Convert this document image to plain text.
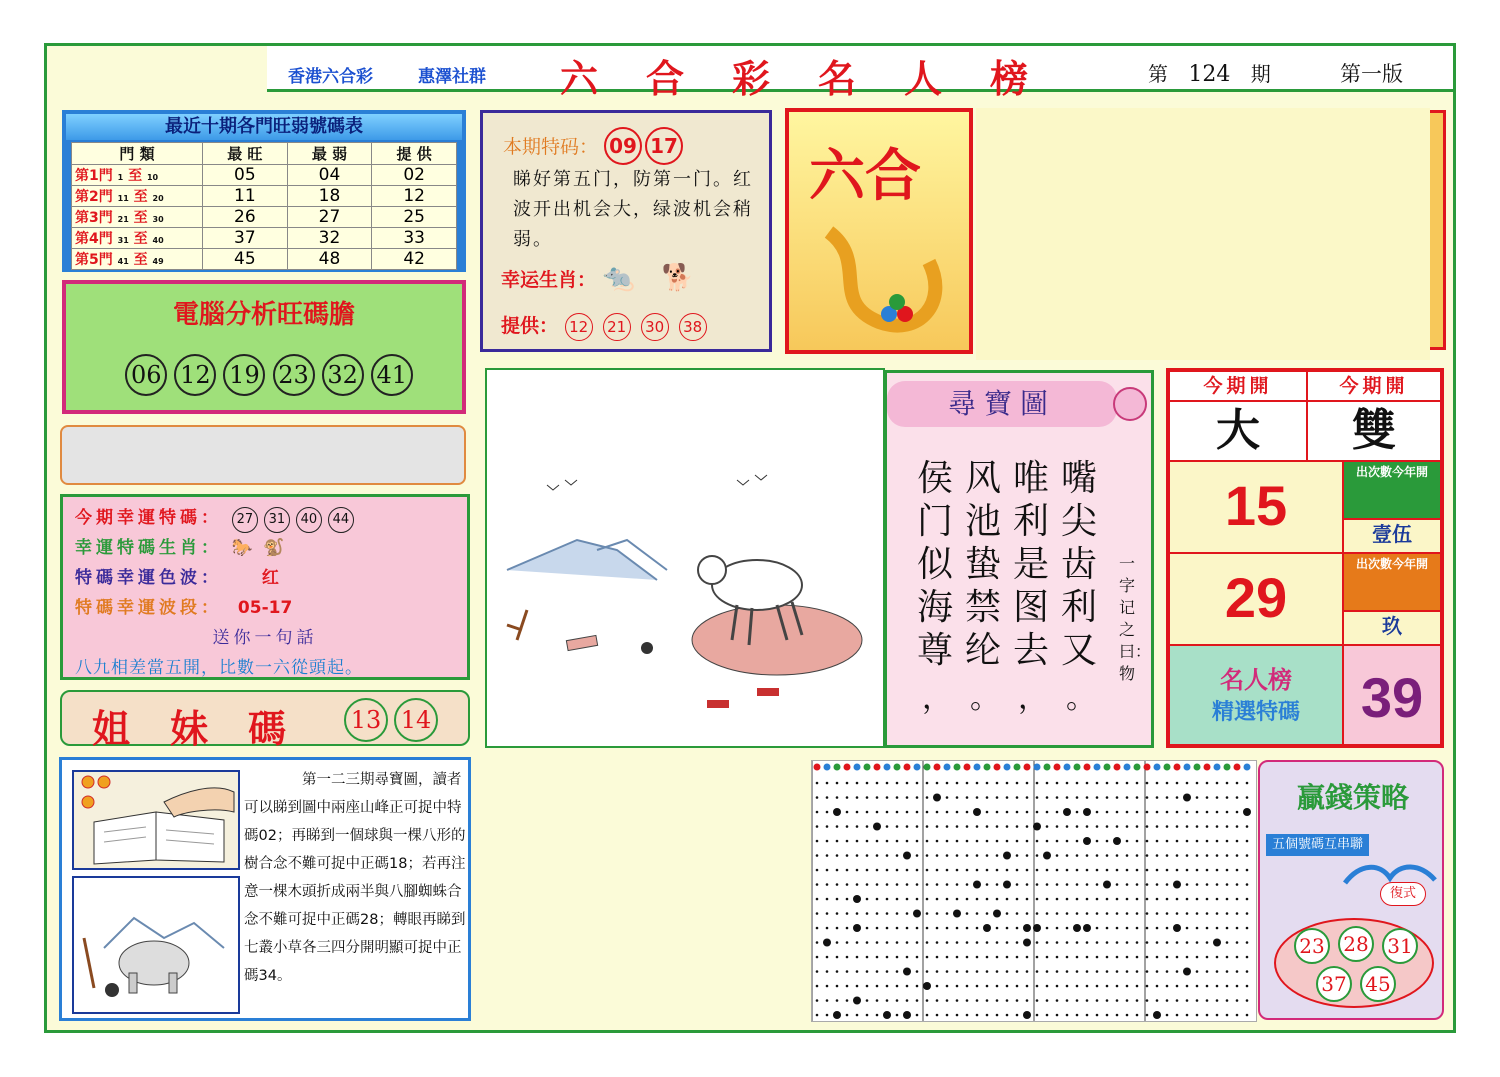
香港六合彩	惠澤社群 六合彩名人榜	第 124 期	第一版
最近十期各門旺弱號碼表
門 類	最 旺	最 弱	提 供
第1門 1 至 10	05	04	02
第2門 11 至 20	11	18	12
第3門 21 至 30	26	27	25
第4門 31 至 40	37	32	33
第5門 41 至 49	45	48	42
電腦分析旺碼膽
06 12 19 23 32 41
今期幸運特碼： 27 31 40 44
幸運特碼生肖： 🐎 🐒
特碼幸運色波： 红
特碼幸運波段： 05-17
送你一句話
八九相差當五開，比數一六從頭起。
姐妹碼	13 14
第一二三期尋寶圖，讀者可以睇到圖中兩座山峰正可捉中特碼02；再睇到一個球與一棵八形的樹合念不難可捉中正碼18；若再注意一棵木頭折成兩半與八腳蜘蛛合念不難可捉中正碼28；轉眼再睇到七叢小草各三四分開明顯可捉中正碼34。
本期特码： 09 17
睇好第五门，防第一门。红波开出机会大，绿波机会稍弱。
幸运生肖： 🐀 🐕
提供： 12 21 30 38
六合
尋寶圖
嘴尖齿利又
唯利是图去
风池蛰禁纶
侯门似海尊
， 。 ， 。
一字记之曰：物
今期開	今期開
大	雙
15
出次數今年開
壹伍
29
出次數今年開
玖
名人榜
精選特碼	39
贏錢策略
五個號碼互串聯
復式
23 28 31
37 45
